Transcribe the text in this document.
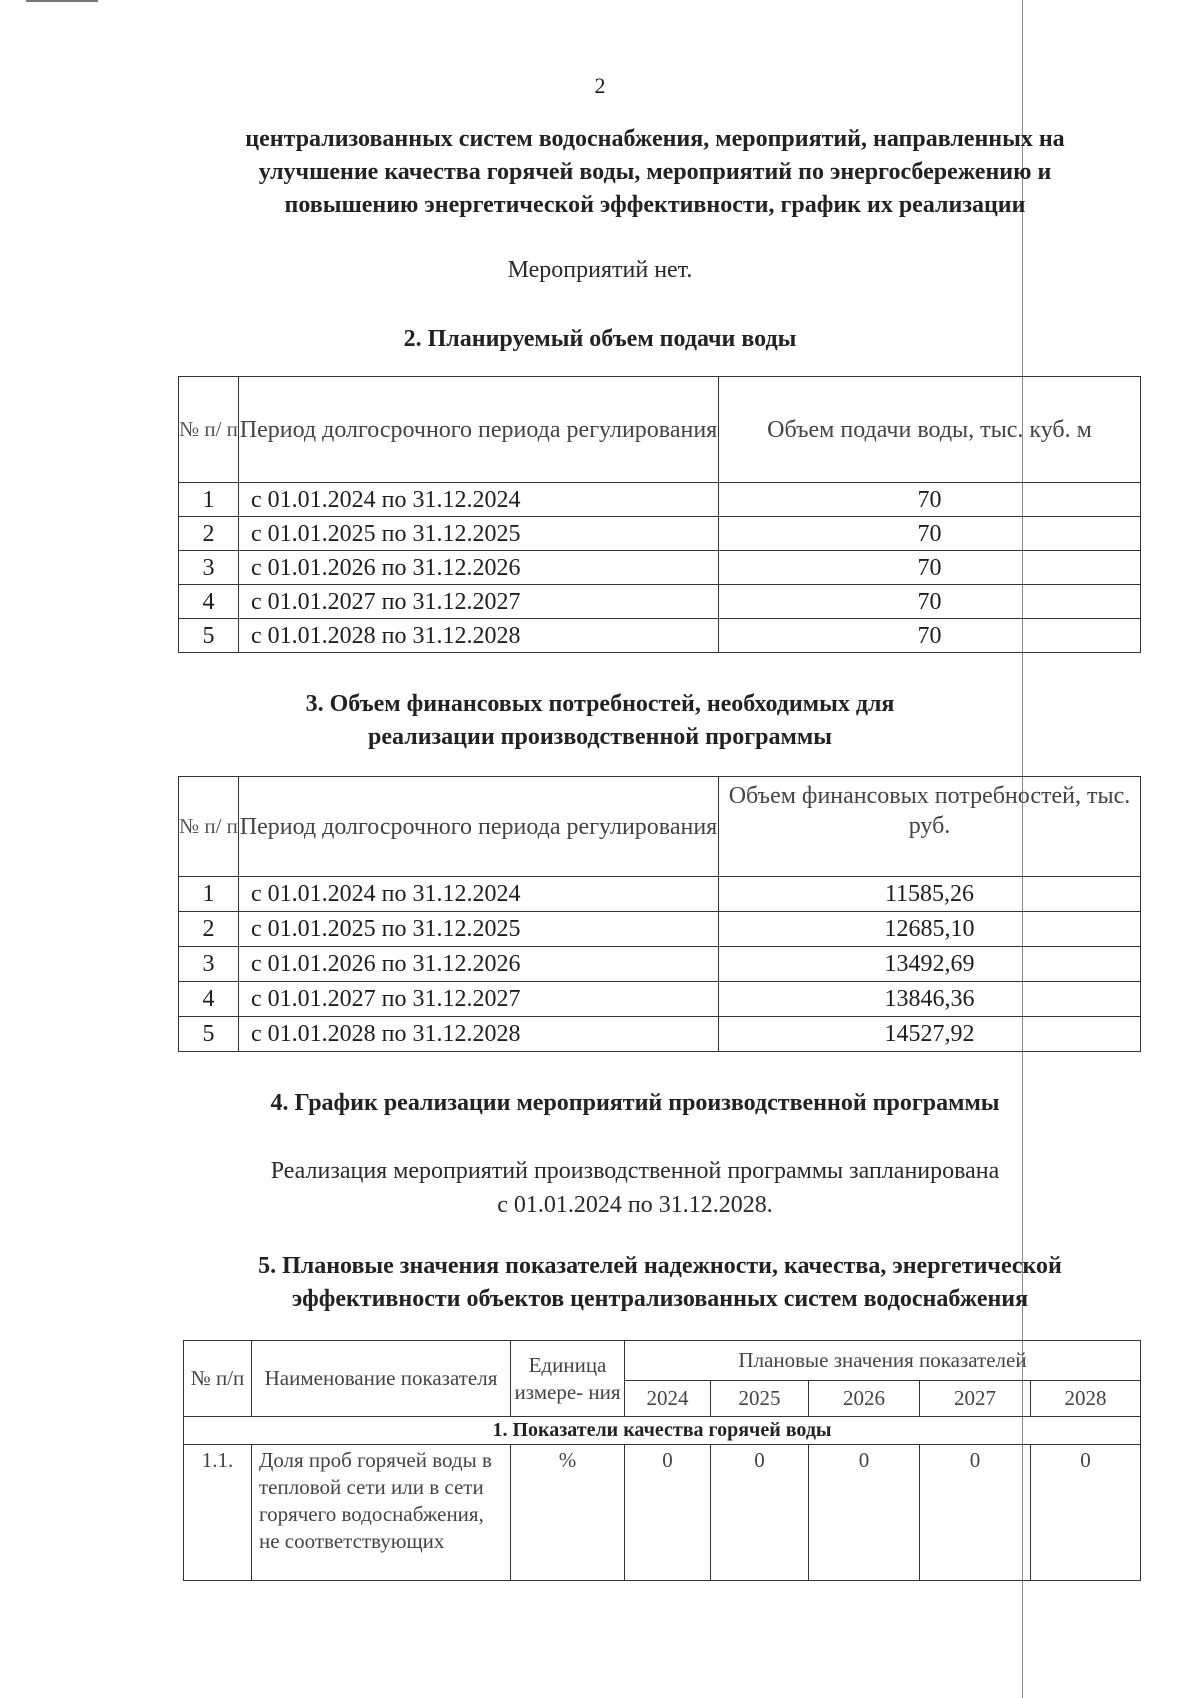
2
централизованных систем водоснабжения, мероприятий, направленных на
улучшение качества горячей воды, мероприятий по энергосбережению и
повышению энергетической эффективности, график их реализации
Мероприятий нет.
2. Планируемый объем подачи воды
№ п/ п	Период долгосрочного периода регулирования	Объем подачи воды, тыс. куб. м
1	с 01.01.2024 по 31.12.2024	70
2	с 01.01.2025 по 31.12.2025	70
3	с 01.01.2026 по 31.12.2026	70
4	с 01.01.2027 по 31.12.2027	70
5	с 01.01.2028 по 31.12.2028	70
3. Объем финансовых потребностей, необходимых для
реализации производственной программы
№ п/ п	Период долгосрочного периода регулирования	Объем финансовых потребностей, тыс. руб.
1	с 01.01.2024 по 31.12.2024	11585,26
2	с 01.01.2025 по 31.12.2025	12685,10
3	с 01.01.2026 по 31.12.2026	13492,69
4	с 01.01.2027 по 31.12.2027	13846,36
5	с 01.01.2028 по 31.12.2028	14527,92
4. График реализации мероприятий производственной программы
Реализация мероприятий производственной программы запланирована
с 01.01.2024 по 31.12.2028.
5. Плановые значения показателей надежности, качества, энергетической
эффективности объектов централизованных систем водоснабжения
№ п/п	Наименование показателя	Единица измере- ния	Плановые значения показателей				
			2024	2025	2026	2027	2028
1. Показатели качества горячей воды							
1.1.	Доля проб горячей воды в тепловой сети или в сети горячего водоснабжения, не соответствующих	%	0	0	0	0	0
